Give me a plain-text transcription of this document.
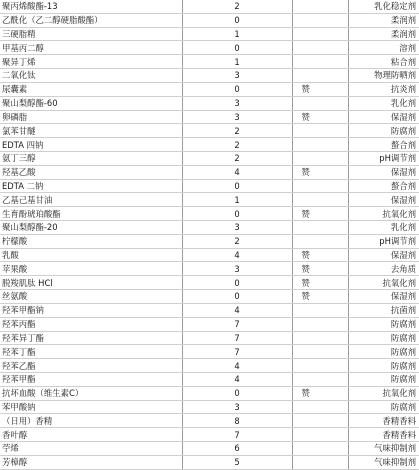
聚丙烯酸酯-13	2		乳化稳定剂
乙酰化（乙二醇硬脂酸酯）	0		柔润剂
三硬脂精	1		柔润剂
甲基丙二醇	0		溶剂
聚异丁烯	1		粘合剂
二氧化钛	3		物理防晒剂
尿囊素	0	赞	抗炎剂
聚山梨醇酯-60	3		乳化剂
卵磷脂	3	赞	保湿剂
氯苯甘醚	2		防腐剂
EDTA 四钠	2		螯合剂
氨丁三醇	2		pH调节剂
羟基乙酸	4	赞	保湿剂
EDTA 二钠	0		螯合剂
乙基己基甘油	1		保湿剂
生育酚琥珀酸酯	0	赞	抗氧化剂
聚山梨醇酯-20	3		乳化剂
柠檬酸	2		pH调节剂
乳酸	4	赞	保湿剂
苹果酸	3	赞	去角质
脱羧肌肽 HCl	0	赞	抗氧化剂
丝氨酸	0	赞	保湿剂
羟苯甲酯钠	4		抗菌剂
羟苯丙酯	7		防腐剂
羟苯异丁酯	7		防腐剂
羟苯丁酯	7		防腐剂
羟苯乙酯	4		防腐剂
羟苯甲酯	4		防腐剂
抗坏血酸（维生素C）	0	赞	抗氧化剂
苯甲酸钠	3		防腐剂
（日用）香精	8		香精香料
香叶醇	7		香精香料
苧烯	6		气味抑制剂
芳樟醇	5		气味抑制剂
